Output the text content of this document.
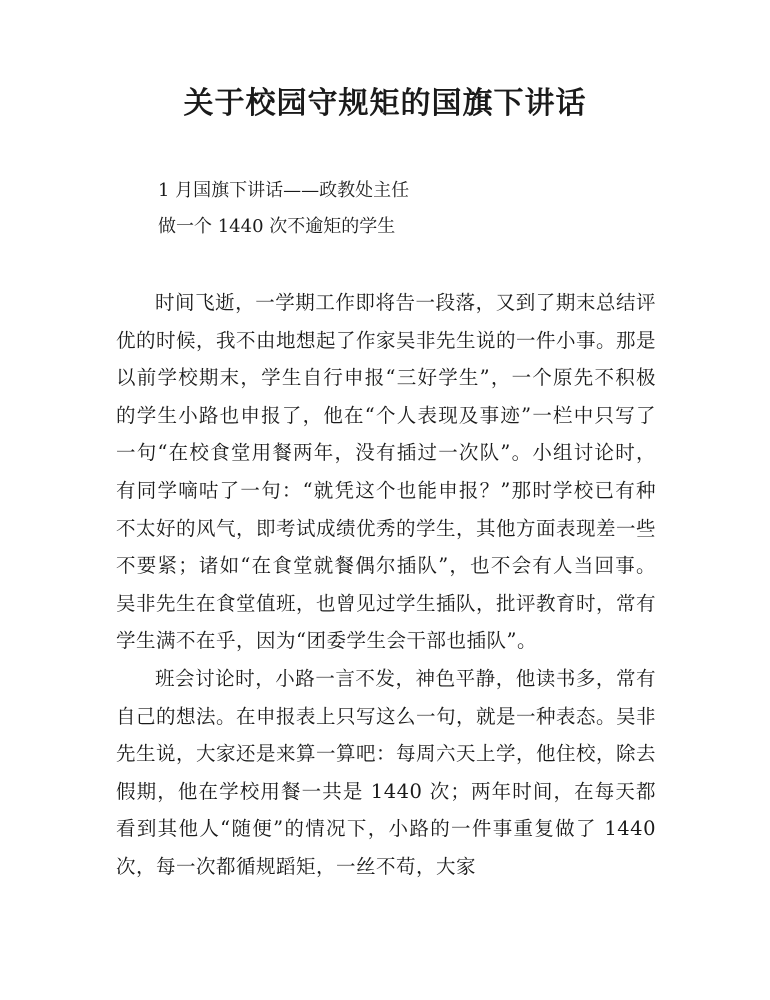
关于校园守规矩的国旗下讲话
1 月国旗下讲话——政教处主任
做一个 1440 次不逾矩的学生

时间飞逝，一学期工作即将告一段落，又到了期末总结评优的时候，我不由地想起了作家吴非先生说的一件小事。那是以前学校期末，学生自行申报“三好学生”，一个原先不积极的学生小路也申报了，他在“个人表现及事迹”一栏中只写了一句“在校食堂用餐两年，没有插过一次队”。小组讨论时，有同学嘀咕了一句：“就凭这个也能申报？”那时学校已有种不太好的风气，即考试成绩优秀的学生，其他方面表现差一些不要紧；诸如“在食堂就餐偶尔插队”，也不会有人当回事。吴非先生在食堂值班，也曾见过学生插队，批评教育时，常有学生满不在乎，因为“团委学生会干部也插队”。

班会讨论时，小路一言不发，神色平静，他读书多，常有自己的想法。在申报表上只写这么一句，就是一种表态。吴非先生说，大家还是来算一算吧：每周六天上学，他住校，除去假期，他在学校用餐一共是 1440 次；两年时间，在每天都看到其他人“随便”的情况下，小路的一件事重复做了 1440 次，每一次都循规蹈矩，一丝不苟，大家
